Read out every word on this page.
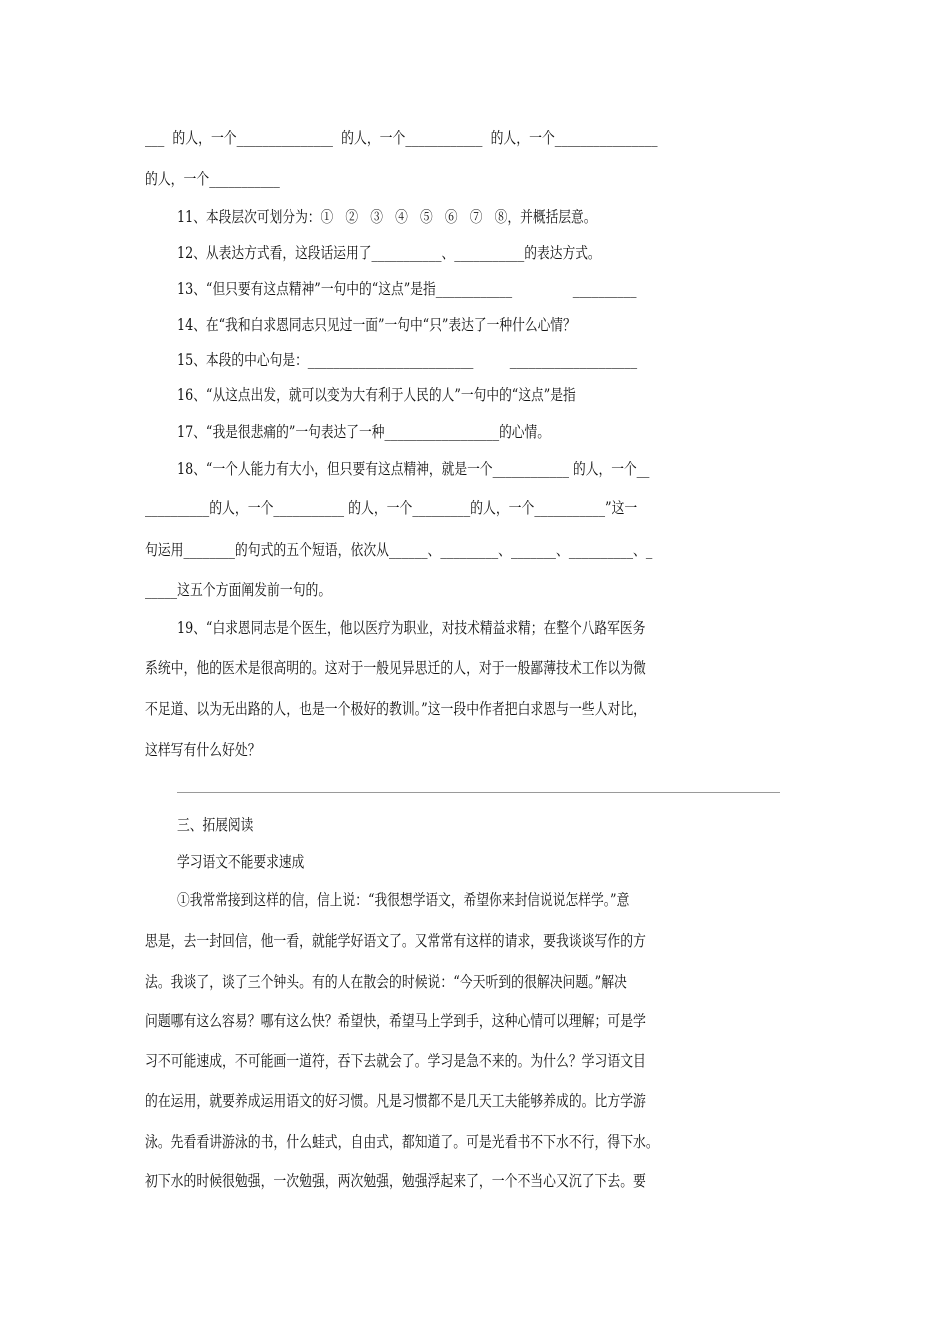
___  的人，一个_______________  的人，一个____________  的人，一个________________
的人，一个___________
11、本段层次可划分为：①   ②   ③   ④   ⑤   ⑥   ⑦   ⑧，并概括层意。
12、从表达方式看，这段话运用了___________、___________的表达方式。
13、“但只要有这点精神”一句中的“这点”是指____________               __________
14、在“我和白求恩同志只见过一面”一句中“只”表达了一种什么心情？
15、本段的中心句是：__________________________         ____________________
16、“从这点出发，就可以变为大有利于人民的人”一句中的“这点”是指
17、“我是很悲痛的”一句表达了一种__________________的心情。
18、“一个人能力有大小，但只要有这点精神，就是一个____________ 的人，一个__
__________的人，一个___________ 的人，一个_________的人，一个___________”这一
句运用________的句式的五个短语，依次从______、_________、_______、__________、_
_____这五个方面阐发前一句的。
19、“白求恩同志是个医生，他以医疗为职业，对技术精益求精；在整个八路军医务
系统中，他的医术是很高明的。这对于一般见异思迁的人，对于一般鄙薄技术工作以为微
不足道、以为无出路的人，也是一个极好的教训。”这一段中作者把白求恩与一些人对比，
这样写有什么好处？
三、拓展阅读
学习语文不能要求速成
①我常常接到这样的信，信上说：“我很想学语文，希望你来封信说说怎样学。”意
思是，去一封回信，他一看，就能学好语文了。又常常有这样的请求，要我谈谈写作的方
法。我谈了，谈了三个钟头。有的人在散会的时候说：“今天听到的很解决问题。”解决
问题哪有这么容易？哪有这么快？希望快，希望马上学到手，这种心情可以理解；可是学
习不可能速成，不可能画一道符，吞下去就会了。学习是急不来的。为什么？学习语文目
的在运用，就要养成运用语文的好习惯。凡是习惯都不是几天工夫能够养成的。比方学游
泳。先看看讲游泳的书，什么蛙式，自由式，都知道了。可是光看书不下水不行，得下水。
初下水的时候很勉强，一次勉强，两次勉强，勉强浮起来了，一个不当心又沉了下去。要
